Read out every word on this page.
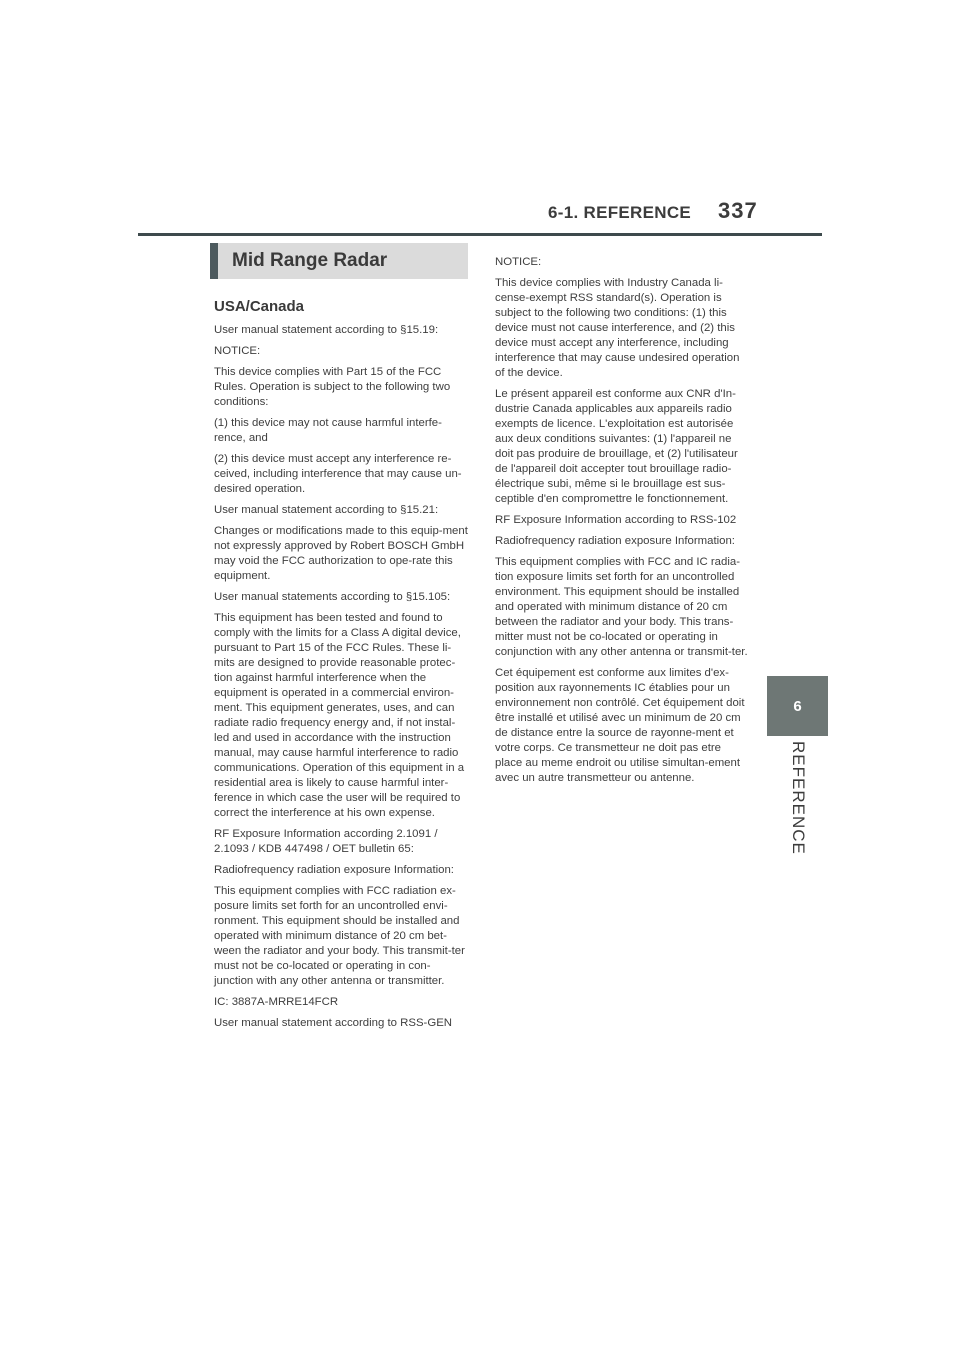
6-1. REFERENCE 337
6
REFERENCE
Mid Range Radar
USA/Canada

User manual statement according to §15.19:

NOTICE:

This device complies with Part 15 of the FCC Rules. Operation is subject to the following two conditions:

(1) this device may not cause harmful interfe-rence, and

(2) this device must accept any interference re-ceived, including interference that may cause un-desired operation.

User manual statement according to §15.21:

Changes or modifications made to this equip-ment not expressly approved by Robert BOSCH GmbH may void the FCC authorization to ope-rate this equipment.

User manual statements according to §15.105:

This equipment has been tested and found to comply with the limits for a Class A digital device, pursuant to Part 15 of the FCC Rules. These li-mits are designed to provide reasonable protec-tion against harmful interference when the equipment is operated in a commercial environ-ment. This equipment generates, uses, and can radiate radio frequency energy and, if not instal-led and used in accordance with the instruction manual, may cause harmful interference to radio communications. Operation of this equipment in a residential area is likely to cause harmful inter-ference in which case the user will be required to correct the interference at his own expense.

RF Exposure Information according 2.1091 / 2.1093 / KDB 447498 / OET bulletin 65:

Radiofrequency radiation exposure Information:

This equipment complies with FCC radiation ex-posure limits set forth for an uncontrolled envi-ronment. This equipment should be installed and operated with minimum distance of 20 cm bet-ween the radiator and your body. This transmit-ter must not be co-located or operating in con-junction with any other antenna or transmitter.

IC: 3887A-MRRE14FCR

User manual statement according to RSS-GEN

NOTICE:

This device complies with Industry Canada li-cense-exempt RSS standard(s). Operation is subject to the following two conditions: (1) this device must not cause interference, and (2) this device must accept any interference, including interference that may cause undesired operation of the device.

Le présent appareil est conforme aux CNR d'In-dustrie Canada applicables aux appareils radio exempts de licence. L'exploitation est autorisée aux deux conditions suivantes: (1) l'appareil ne doit pas produire de brouillage, et (2) l'utilisateur de l'appareil doit accepter tout brouillage radio-électrique subi, même si le brouillage est sus-ceptible d'en compromettre le fonctionnement.

RF Exposure Information according to RSS-102

Radiofrequency radiation exposure Information:

This equipment complies with FCC and IC radia-tion exposure limits set forth for an uncontrolled environment. This equipment should be installed and operated with minimum distance of 20 cm between the radiator and your body. This trans-mitter must not be co-located or operating in conjunction with any other antenna or transmit-ter.

Cet équipement est conforme aux limites d'ex-position aux rayonnements IC établies pour un environnement non contrôlé. Cet équipement doit être installé et utilisé avec un minimum de 20 cm de distance entre la source de rayonne-ment et votre corps. Ce transmetteur ne doit pas etre place au meme endroit ou utilise simultan-ement avec un autre transmetteur ou antenne.
